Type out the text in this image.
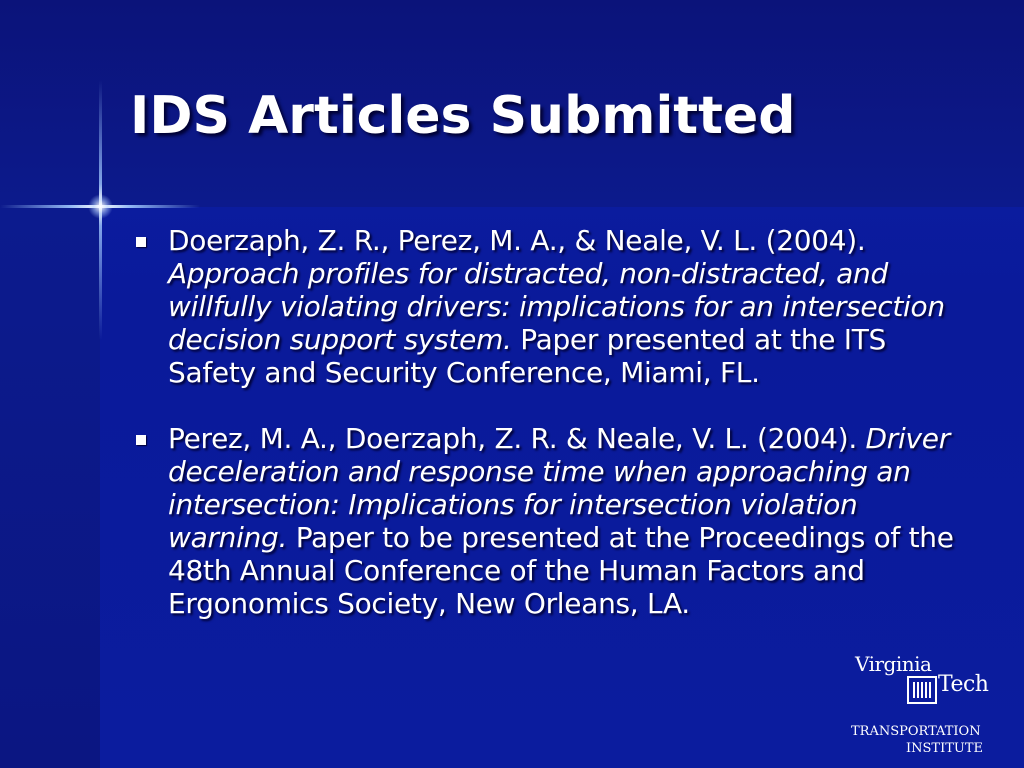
IDS Articles Submitted
Doerzaph, Z. R., Perez, M. A., & Neale, V. L. (2004). Approach profiles for distracted, non-distracted, and willfully violating drivers: implications for an intersection decision support system. Paper presented at the ITS Safety and Security Conference, Miami, FL.
Perez, M. A., Doerzaph, Z. R. & Neale, V. L. (2004). Driver deceleration and response time when approaching an intersection: Implications for intersection violation warning. Paper to be presented at the Proceedings of the 48th Annual Conference of the Human Factors and Ergonomics Society, New Orleans, LA.
Virginia
Tech
TRANSPORTATION
INSTITUTE
